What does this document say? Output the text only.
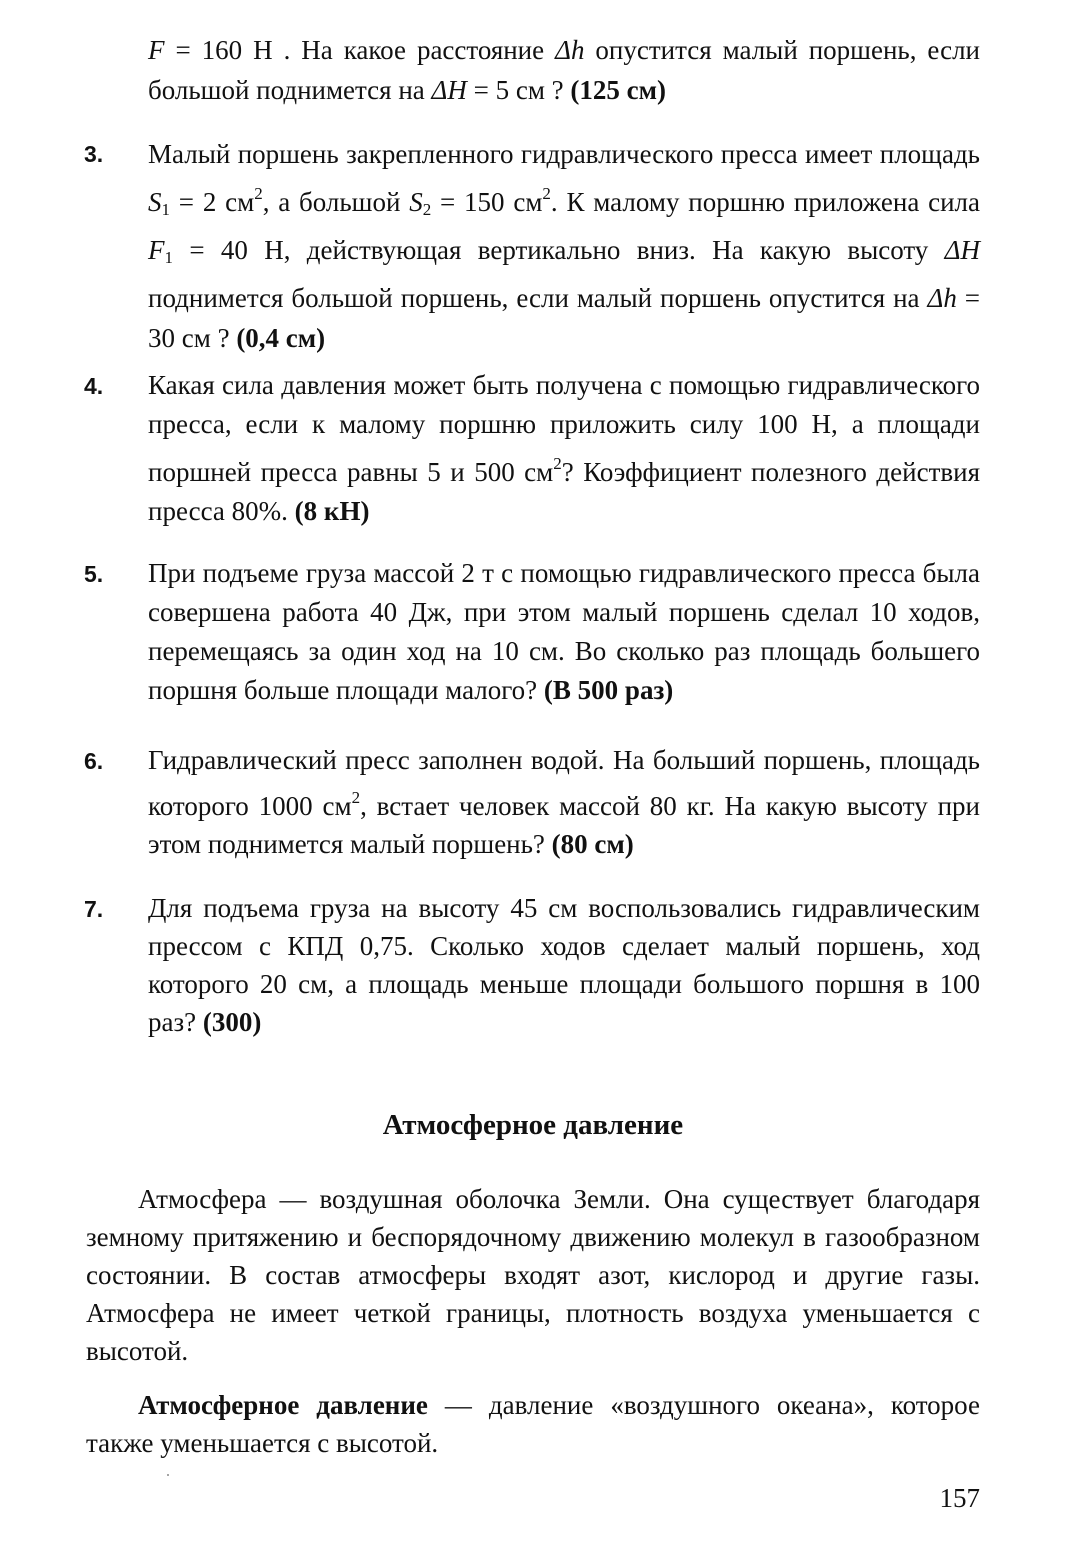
F = 160 Н . На какое расстояние Δh опустится малый поршень, если большой поднимется на ΔH = 5 см ? (125 см)
3. Малый поршень закрепленного гидравлического пресса имеет площадь $S_1 = 2$ $см^2$, а большой $S_2 = 150$ $см^2$. К малому поршню приложена сила $F_1 = 40$ Н, действующая вертикально вниз. На какую высоту ΔH поднимется большой поршень, если малый поршень опустится на Δh = 30 см ? (0,4 см)
4. Какая сила давления может быть получена с помощью гидравлического пресса, если к малому поршню приложить силу 100 Н, а площади поршней пресса равны 5 и 500 $см^2$? Коэффициент полезного действия пресса 80%. (8 кН)
5. При подъеме груза массой 2 т с помощью гидравлического пресса была совершена работа 40 Дж, при этом малый поршень сделал 10 ходов, перемещаясь за один ход на 10 см. Во сколько раз площадь большего поршня больше площади малого? (В 500 раз)
6. Гидравлический пресс заполнен водой. На больший поршень, площадь которого 1000 $см^2$, встает человек массой 80 кг. На какую высоту при этом поднимется малый поршень? (80 см)
7. Для подъема груза на высоту 45 см воспользовались гидравлическим прессом с КПД 0,75. Сколько ходов сделает малый поршень, ход которого 20 см, а площадь меньше площади большого поршня в 100 раз? (300)
Атмосферное давление
Атмосфера — воздушная оболочка Земли. Она существует благодаря земному притяжению и беспорядочному движению молекул в газообразном состоянии. В состав атмосферы входят азот, кислород и другие газы. Атмосфера не имеет четкой границы, плотность воздуха уменьшается с высотой.
Атмосферное давление — давление «воздушного океана», которое также уменьшается с высотой.
157
